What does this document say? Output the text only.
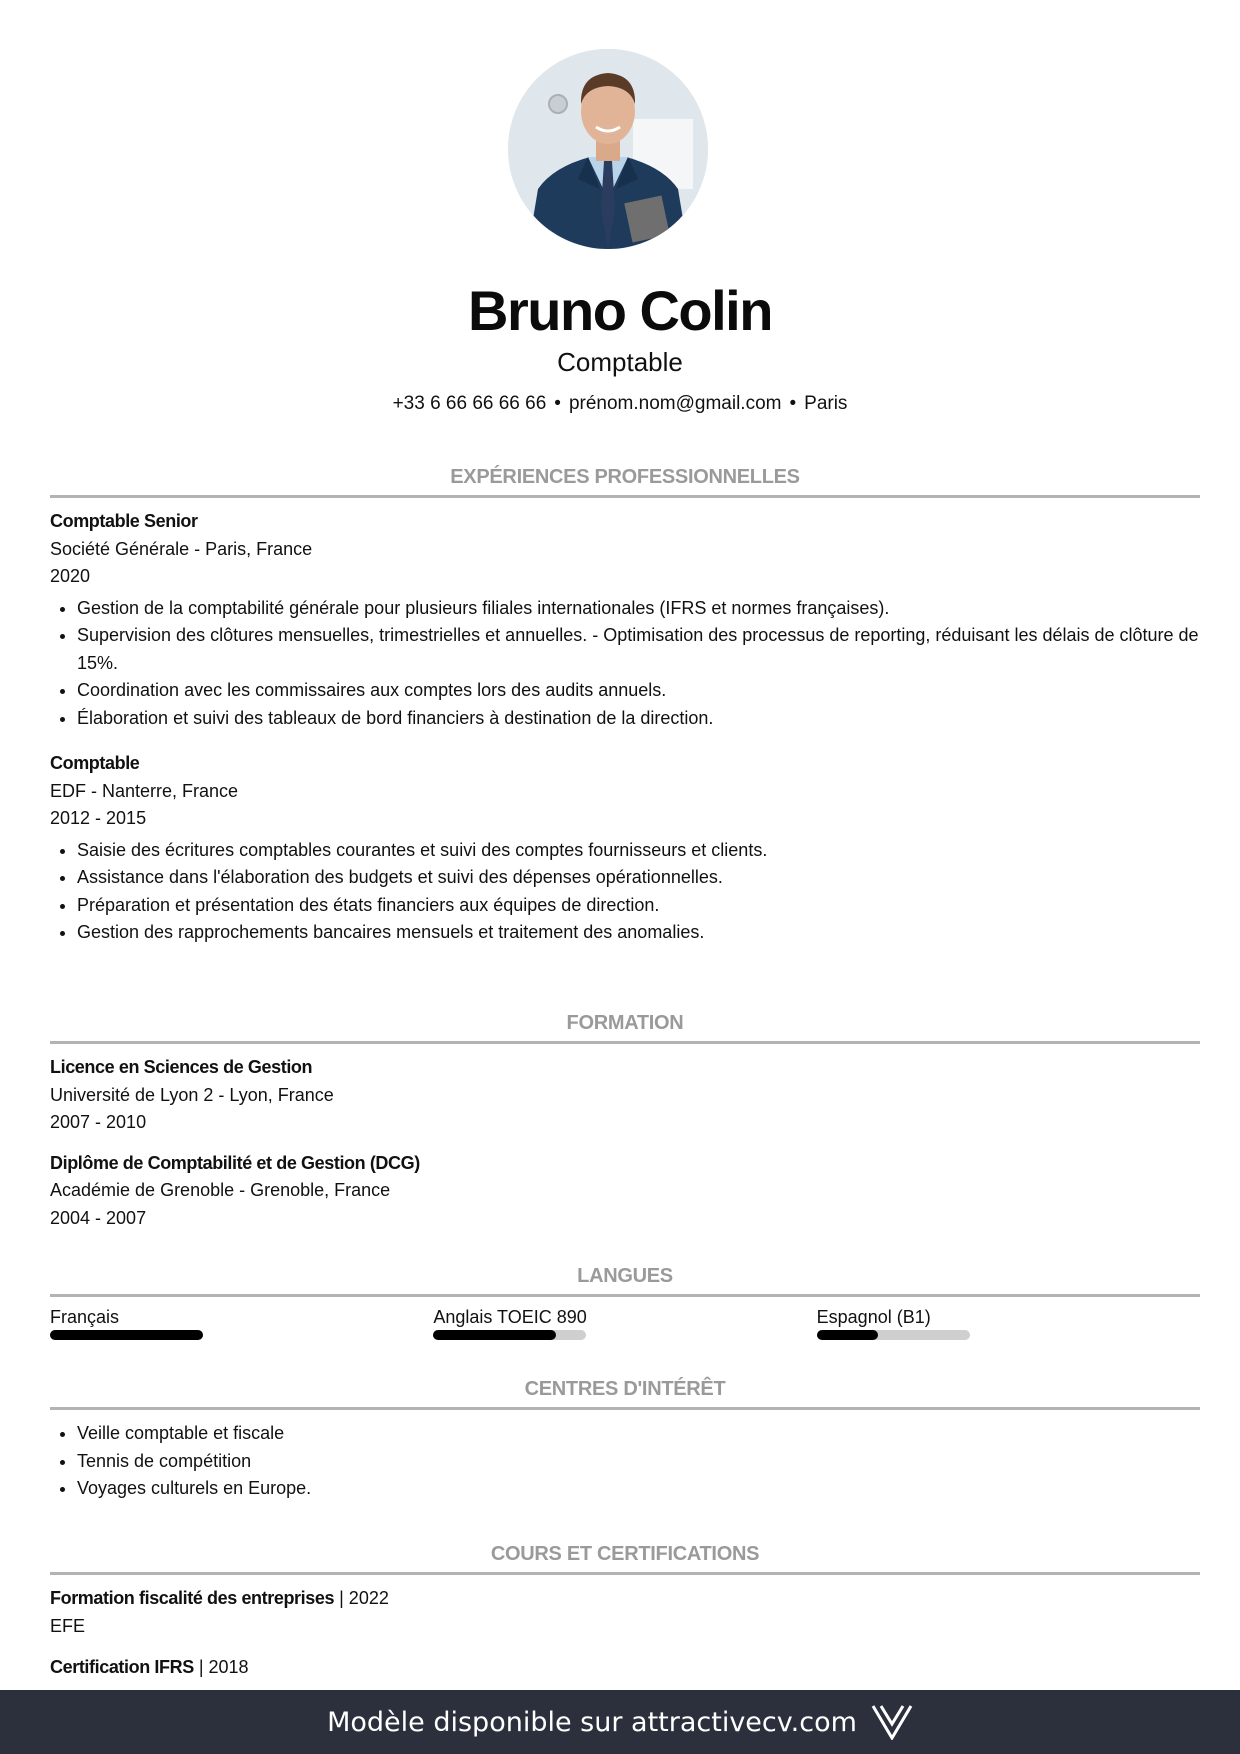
Bruno Colin
Comptable
+33 6 66 66 66 66 • prénom.nom@gmail.com • Paris
EXPÉRIENCES PROFESSIONNELLES
Comptable Senior
Société Générale - Paris, France
2020
• Gestion de la comptabilité générale pour plusieurs filiales internationales (IFRS et normes françaises).
• Supervision des clôtures mensuelles, trimestrielles et annuelles. - Optimisation des processus de reporting, réduisant les délais de clôture de 15%.
• Coordination avec les commissaires aux comptes lors des audits annuels.
• Élaboration et suivi des tableaux de bord financiers à destination de la direction.
Comptable
EDF - Nanterre, France
2012 - 2015
• Saisie des écritures comptables courantes et suivi des comptes fournisseurs et clients.
• Assistance dans l'élaboration des budgets et suivi des dépenses opérationnelles.
• Préparation et présentation des états financiers aux équipes de direction.
• Gestion des rapprochements bancaires mensuels et traitement des anomalies.
FORMATION
Licence en Sciences de Gestion
Université de Lyon 2 - Lyon, France
2007 - 2010
Diplôme de Comptabilité et de Gestion (DCG)
Académie de Grenoble - Grenoble, France
2004 - 2007
LANGUES
Français	Anglais TOEIC 890	Espagnol (B1)
CENTRES D'INTÉRÊT
• Veille comptable et fiscale
• Tennis de compétition
• Voyages culturels en Europe.
COURS ET CERTIFICATIONS
Formation fiscalité des entreprises | 2022
EFE
Certification IFRS | 2018
Modèle disponible sur attractivecv.com
